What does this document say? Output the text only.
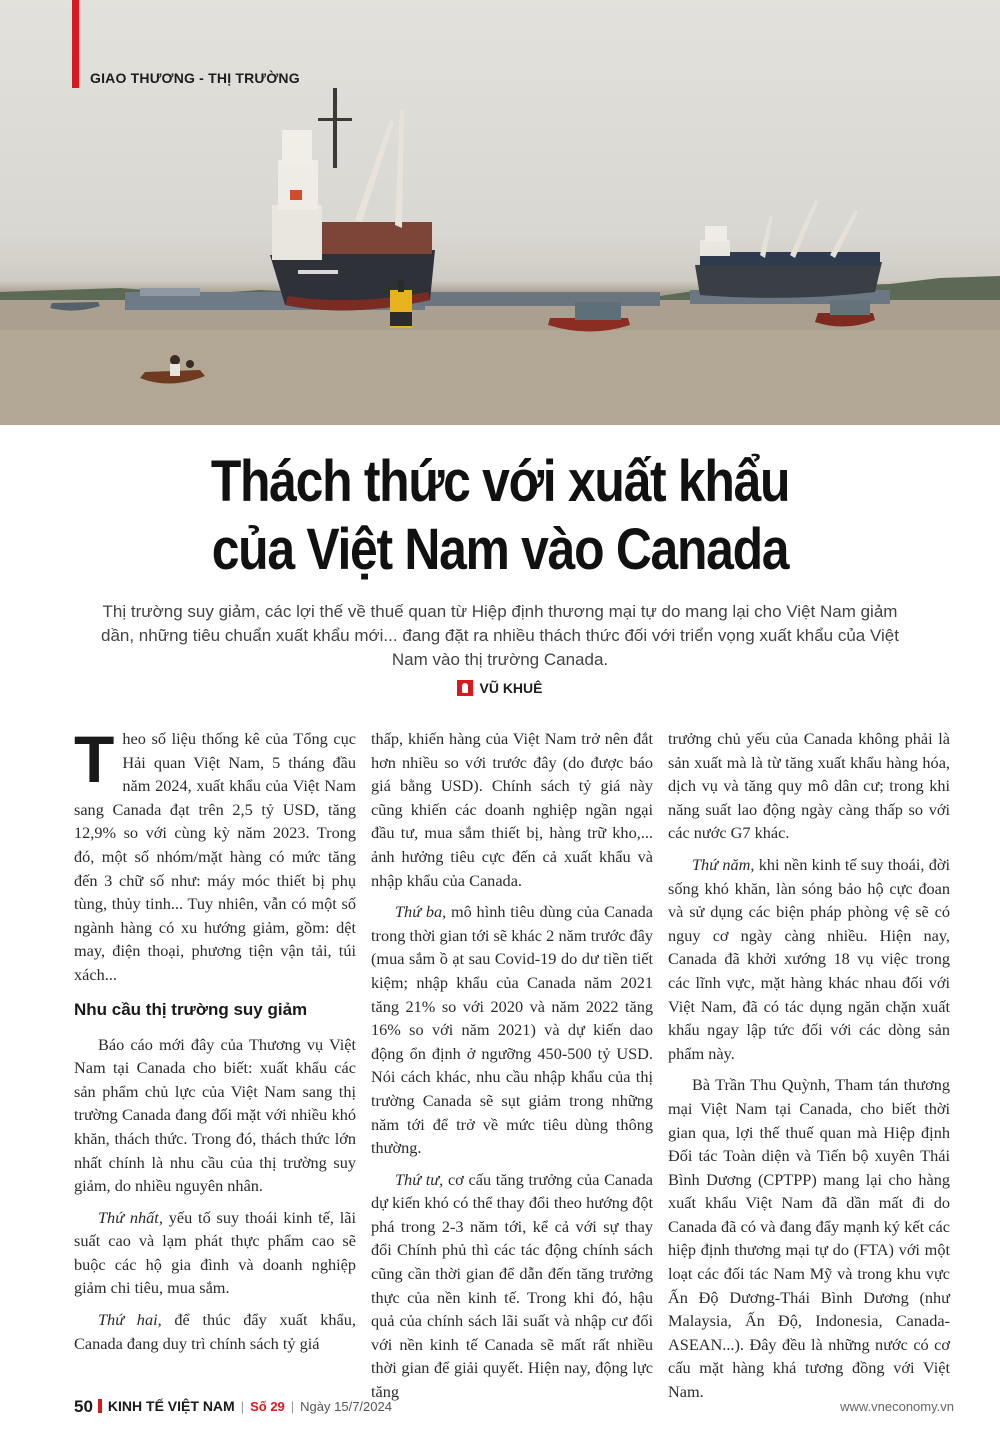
GIAO THƯƠNG - THỊ TRƯỜNG
Thách thức với xuất khẩu
của Việt Nam vào Canada
Thị trường suy giảm, các lợi thế về thuế quan từ Hiệp định thương mại tự do mang lại cho Việt Nam giảm dần, những tiêu chuẩn xuất khẩu mới... đang đặt ra nhiều thách thức đối với triển vọng xuất khẩu của Việt Nam vào thị trường Canada.
VŨ KHUÊ

Theo số liệu thống kê của Tổng cục Hải quan Việt Nam, 5 tháng đầu năm 2024, xuất khẩu của Việt Nam sang Canada đạt trên 2,5 tỷ USD, tăng 12,9% so với cùng kỳ năm 2023. Trong đó, một số nhóm/mặt hàng có mức tăng đến 3 chữ số như: máy móc thiết bị phụ tùng, thủy tinh... Tuy nhiên, vẫn có một số ngành hàng có xu hướng giảm, gồm: dệt may, điện thoại, phương tiện vận tải, túi xách...

Nhu cầu thị trường suy giảm

Báo cáo mới đây của Thương vụ Việt Nam tại Canada cho biết: xuất khẩu các sản phẩm chủ lực của Việt Nam sang thị trường Canada đang đối mặt với nhiều khó khăn, thách thức. Trong đó, thách thức lớn nhất chính là nhu cầu của thị trường suy giảm, do nhiều nguyên nhân.

Thứ nhất, yếu tố suy thoái kinh tế, lãi suất cao và lạm phát thực phẩm cao sẽ buộc các hộ gia đình và doanh nghiệp giảm chi tiêu, mua sắm.

Thứ hai, để thúc đẩy xuất khẩu, Canada đang duy trì chính sách tỷ giá

thấp, khiến hàng của Việt Nam trở nên đắt hơn nhiều so với trước đây (do được báo giá bằng USD). Chính sách tỷ giá này cũng khiến các doanh nghiệp ngần ngại đầu tư, mua sắm thiết bị, hàng trữ kho,... ảnh hưởng tiêu cực đến cả xuất khẩu và nhập khẩu của Canada.

Thứ ba, mô hình tiêu dùng của Canada trong thời gian tới sẽ khác 2 năm trước đây (mua sắm ồ ạt sau Covid-19 do dư tiền tiết kiệm; nhập khẩu của Canada năm 2021 tăng 21% so với 2020 và năm 2022 tăng 16% so với năm 2021) và dự kiến dao động ổn định ở ngưỡng 450-500 tỷ USD. Nói cách khác, nhu cầu nhập khẩu của thị trường Canada sẽ sụt giảm trong những năm tới để trở về mức tiêu dùng thông thường.

Thứ tư, cơ cấu tăng trưởng của Canada dự kiến khó có thể thay đổi theo hướng đột phá trong 2-3 năm tới, kể cả với sự thay đổi Chính phủ thì các tác động chính sách cũng cần thời gian để dẫn đến tăng trưởng thực của nền kinh tế. Trong khi đó, hậu quả của chính sách lãi suất và nhập cư đối với nền kinh tế Canada sẽ mất rất nhiều thời gian để giải quyết. Hiện nay, động lực tăng

trưởng chủ yếu của Canada không phải là sản xuất mà là từ tăng xuất khẩu hàng hóa, dịch vụ và tăng quy mô dân cư; trong khi năng suất lao động ngày càng thấp so với các nước G7 khác.

Thứ năm, khi nền kinh tế suy thoái, đời sống khó khăn, làn sóng bảo hộ cực đoan và sử dụng các biện pháp phòng vệ sẽ có nguy cơ ngày càng nhiều. Hiện nay, Canada đã khởi xướng 18 vụ việc trong các lĩnh vực, mặt hàng khác nhau đối với Việt Nam, đã có tác dụng ngăn chặn xuất khẩu ngay lập tức đối với các dòng sản phẩm này.

Bà Trần Thu Quỳnh, Tham tán thương mại Việt Nam tại Canada, cho biết thời gian qua, lợi thế thuế quan mà Hiệp định Đối tác Toàn diện và Tiến bộ xuyên Thái Bình Dương (CPTPP) mang lại cho hàng xuất khẩu Việt Nam đã dần mất đi do Canada đã có và đang đẩy mạnh ký kết các hiệp định thương mại tự do (FTA) với một loạt các đối tác Nam Mỹ và trong khu vực Ấn Độ Dương-Thái Bình Dương (như Malaysia, Ấn Độ, Indonesia, Canada-ASEAN...). Đây đều là những nước có cơ cấu mặt hàng khá tương đồng với Việt Nam.

50 KINH TẾ VIỆT NAM | Số 29 | Ngày 15/7/2024	www.vneconomy.vn
